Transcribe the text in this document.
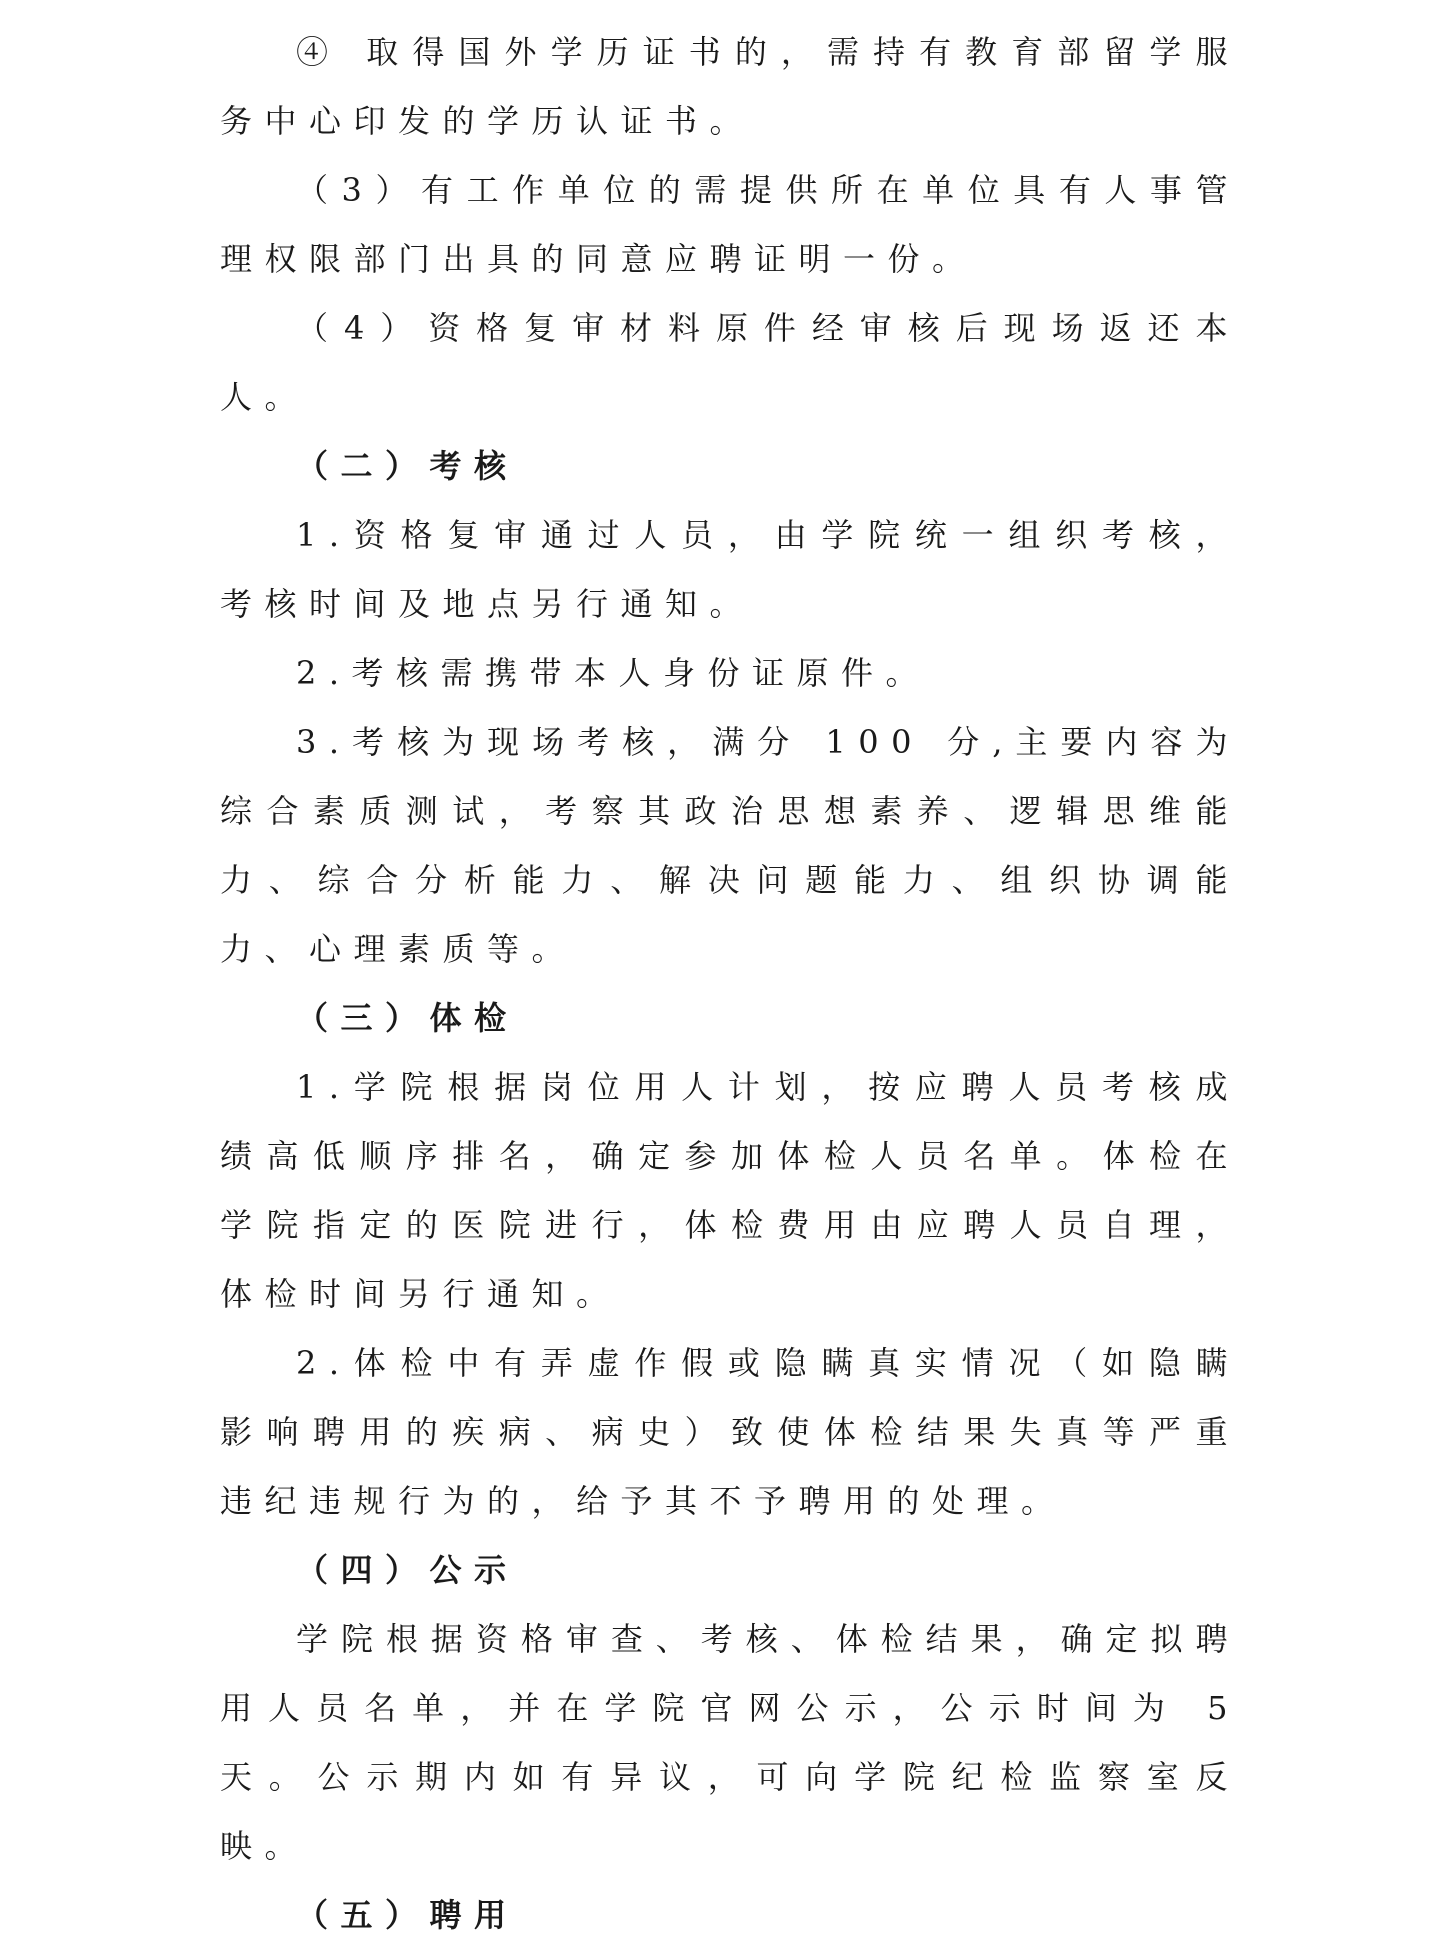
④ 取得国外学历证书的，需持有教育部留学服务中心印发的学历认证书。

（3）有工作单位的需提供所在单位具有人事管理权限部门出具的同意应聘证明一份。

（4）资格复审材料原件经审核后现场返还本人。

（二）考核

1.资格复审通过人员，由学院统一组织考核，考核时间及地点另行通知。

2.考核需携带本人身份证原件。

3.考核为现场考核，满分 100 分,主要内容为综合素质测试，考察其政治思想素养、逻辑思维能力、综合分析能力、解决问题能力、组织协调能力、心理素质等。

（三）体检

1.学院根据岗位用人计划，按应聘人员考核成绩高低顺序排名，确定参加体检人员名单。体检在学院指定的医院进行，体检费用由应聘人员自理，体检时间另行通知。

2.体检中有弄虚作假或隐瞒真实情况（如隐瞒影响聘用的疾病、病史）致使体检结果失真等严重违纪违规行为的，给予其不予聘用的处理。

（四）公示

学院根据资格审查、考核、体检结果，确定拟聘用人员名单，并在学院官网公示，公示时间为 5 天。公示期内如有异议，可向学院纪检监察室反映。

（五）聘用
